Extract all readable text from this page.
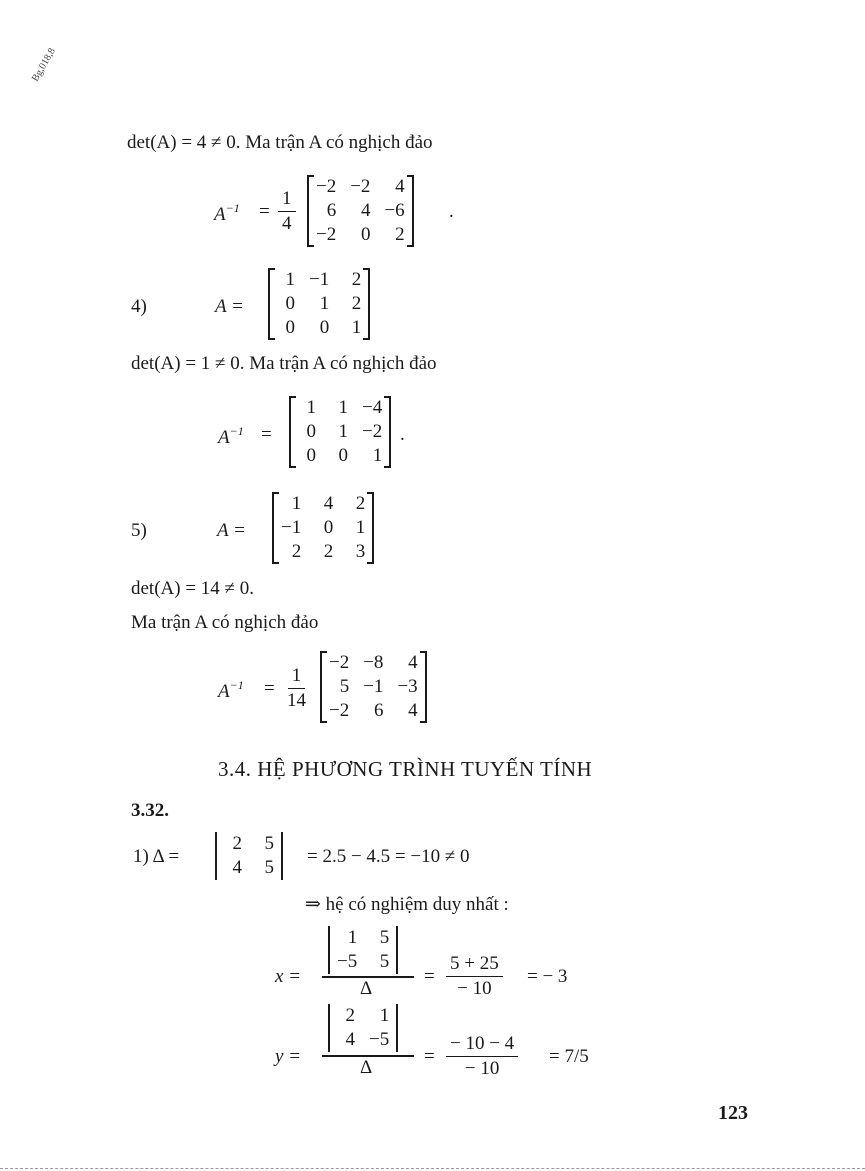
Bg,018,8
det(A) = 4 ≠ 0. Ma trận A có nghịch đảo
$A^{-1} = \frac{1}{4}$
−2 −2	4
6	4 −6
−2	0	2
.
4)	A =
1 −1	2
0	1	2
0	0	1
det(A) = 1 ≠ 0. Ma trận A có nghịch đảo
$A^{-1}$ =
1	1 −4
0	1 −2
0	0	1
.
5)	A =
1	4	2
−1	0	1
2	2	3
det(A) = 14 ≠ 0.
Ma trận A có nghịch đảo
$A^{-1} = \frac{1}{14}$
−2 −8	4
5 −1 −3
−2	6	4
3.4. HỆ PHƯƠNG TRÌNH TUYẾN TÍNH
3.32.
1) Δ =
2	5
4	5
= 2.5 − 4.5 = −10 ≠ 0
⇒ hệ có nghiệm duy nhất :
x =
1	5
−5	5
Δ
= $\frac{5 + 25}{- 10}$ = − 3
y =
2	1
4 −5
Δ
= $\frac{- 10 - 4}{- 10} = 7/5$
123
